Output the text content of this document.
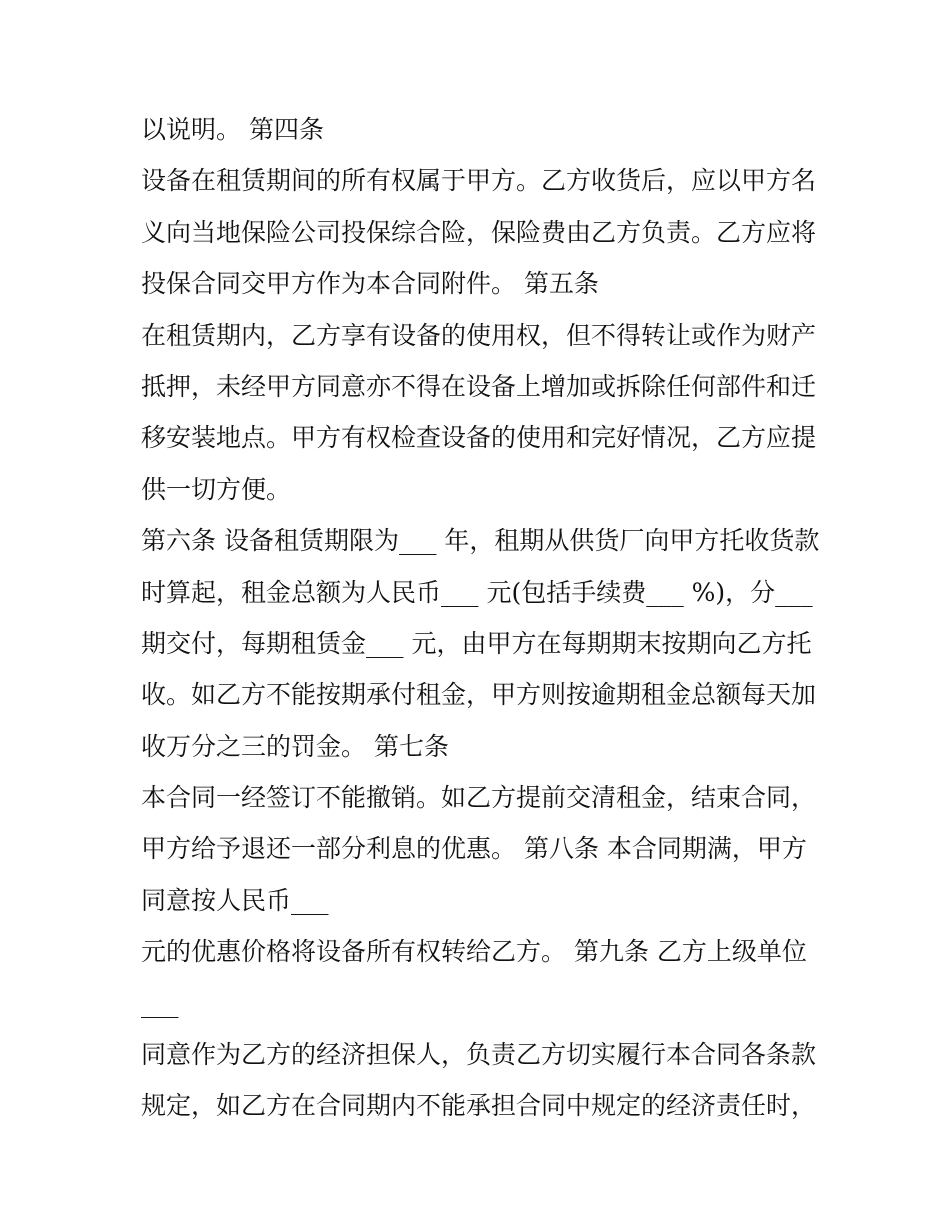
以说明。 第四条
设备在租赁期间的所有权属于甲方。乙方收货后，应以甲方名
义向当地保险公司投保综合险，保险费由乙方负责。乙方应将
投保合同交甲方作为本合同附件。 第五条
在租赁期内，乙方享有设备的使用权，但不得转让或作为财产
抵押，未经甲方同意亦不得在设备上增加或拆除任何部件和迁
移安装地点。甲方有权检查设备的使用和完好情况，乙方应提
供一切方便。
第六条 设备租赁期限为___ 年，租期从供货厂向甲方托收货款
时算起，租金总额为人民币___ 元(包括手续费___ %)，分___
期交付，每期租赁金___ 元，由甲方在每期期末按期向乙方托
收。如乙方不能按期承付租金，甲方则按逾期租金总额每天加
收万分之三的罚金。 第七条
本合同一经签订不能撤销。如乙方提前交清租金，结束合同，
甲方给予退还一部分利息的优惠。 第八条 本合同期满，甲方
同意按人民币___
元的优惠价格将设备所有权转给乙方。 第九条 乙方上级单位
___
同意作为乙方的经济担保人，负责乙方切实履行本合同各条款
规定，如乙方在合同期内不能承担合同中规定的经济责任时，
